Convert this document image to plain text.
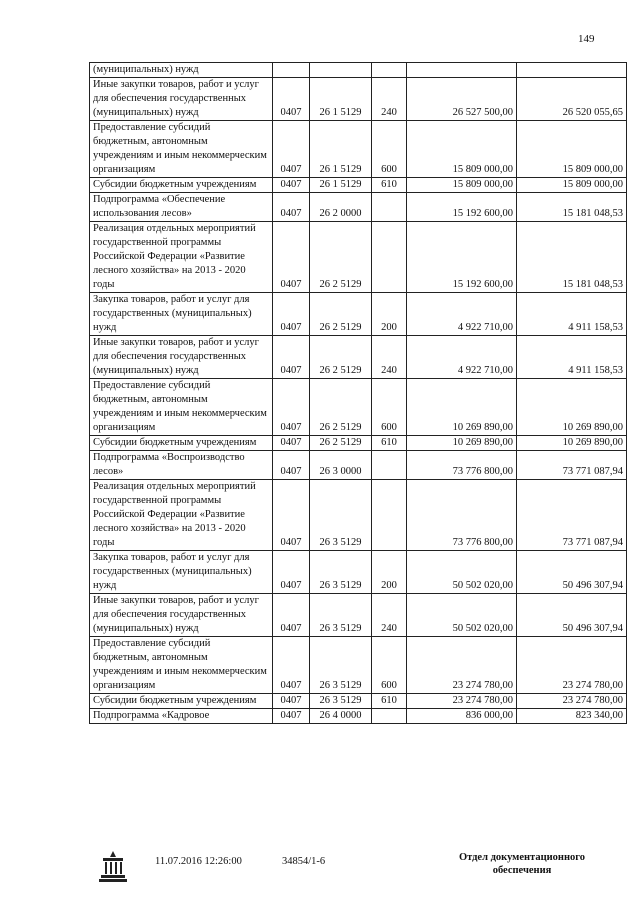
149
(муниципальных) нужд					
Иные закупки товаров, работ и услуг для обеспечения государственных (муниципальных) нужд	0407	26 1 5129	240	26 527 500,00	26 520 055,65
Предоставление субсидий бюджетным, автономным учреждениям и иным некоммерческим организациям	0407	26 1 5129	600	15 809 000,00	15 809 000,00
Субсидии бюджетным учреждениям	0407	26 1 5129	610	15 809 000,00	15 809 000,00
Подпрограмма «Обеспечение использования лесов»	0407	26 2 0000		15 192 600,00	15 181 048,53
Реализация отдельных мероприятий государственной программы Российской Федерации «Развитие лесного хозяйства» на 2013 - 2020 годы	0407	26 2 5129		15 192 600,00	15 181 048,53
Закупка товаров, работ и услуг для государственных (муниципальных) нужд	0407	26 2 5129	200	4 922 710,00	4 911 158,53
Иные закупки товаров, работ и услуг для обеспечения государственных (муниципальных) нужд	0407	26 2 5129	240	4 922 710,00	4 911 158,53
Предоставление субсидий бюджетным, автономным учреждениям и иным некоммерческим организациям	0407	26 2 5129	600	10 269 890,00	10 269 890,00
Субсидии бюджетным учреждениям	0407	26 2 5129	610	10 269 890,00	10 269 890,00
Подпрограмма «Воспроизводство лесов»	0407	26 3 0000		73 776 800,00	73 771 087,94
Реализация отдельных мероприятий государственной программы Российской Федерации «Развитие лесного хозяйства» на 2013 - 2020 годы	0407	26 3 5129		73 776 800,00	73 771 087,94
Закупка товаров, работ и услуг для государственных (муниципальных) нужд	0407	26 3 5129	200	50 502 020,00	50 496 307,94
Иные закупки товаров, работ и услуг для обеспечения государственных (муниципальных) нужд	0407	26 3 5129	240	50 502 020,00	50 496 307,94
Предоставление субсидий бюджетным, автономным учреждениям и иным некоммерческим организациям	0407	26 3 5129	600	23 274 780,00	23 274 780,00
Субсидии бюджетным учреждениям	0407	26 3 5129	610	23 274 780,00	23 274 780,00
Подпрограмма «Кадровое	0407	26 4 0000		836 000,00	823 340,00
11.07.2016 12:26:00	34854/1-6	Отдел документационного
обеспечения
